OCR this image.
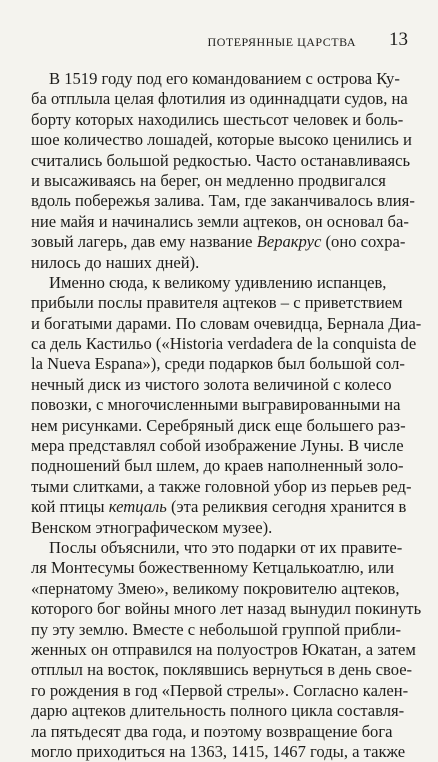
ПОТЕРЯННЫЕ ЦАРСТВА 13
В 1519 году под его командованием с острова Ку-
ба отплыла целая флотилия из одиннадцати судов, на
борту которых находились шестьсот человек и боль-
шое количество лошадей, которые высоко ценились и
считались большой редкостью. Часто останавливаясь
и высаживаясь на берег, он медленно продвигался
вдоль побережья залива. Там, где заканчивалось влия-
ние майя и начинались земли ацтеков, он основал ба-
зовый лагерь, дав ему название Веракрус (оно сохра-
нилось до наших дней).
Именно сюда, к великому удивлению испанцев,
прибыли послы правителя ацтеков – с приветствием
и богатыми дарами. По словам очевидца, Бернала Диа-
са дель Кастильо («Historia verdadera de la conquista de
la Nueva Espana»), среди подарков был большой сол-
нечный диск из чистого золота величиной с колесо
повозки, с многочисленными выгравированными на
нем рисунками. Серебряный диск еще большего раз-
мера представлял собой изображение Луны. В числе
подношений был шлем, до краев наполненный золо-
тыми слитками, а также головной убор из перьев ред-
кой птицы кетцаль (эта реликвия сегодня хранится в
Венском этнографическом музее).
Послы объяснили, что это подарки от их правите-
ля Монтесумы божественному Кетцалькоатлю, или
«пернатому Змею», великому покровителю ацтеков,
которого бог войны много лет назад вынудил покинуть
пу эту землю. Вместе с небольшой группой прибли-
женных он отправился на полуостров Юкатан, а затем
отплыл на восток, поклявшись вернуться в день свое-
го рождения в год «Первой стрелы». Согласно кален-
дарю ацтеков длительность полного цикла составля-
ла пятьдесят два года, и поэтому возвращение бога
могло приходиться на 1363, 1415, 1467 годы, а также
